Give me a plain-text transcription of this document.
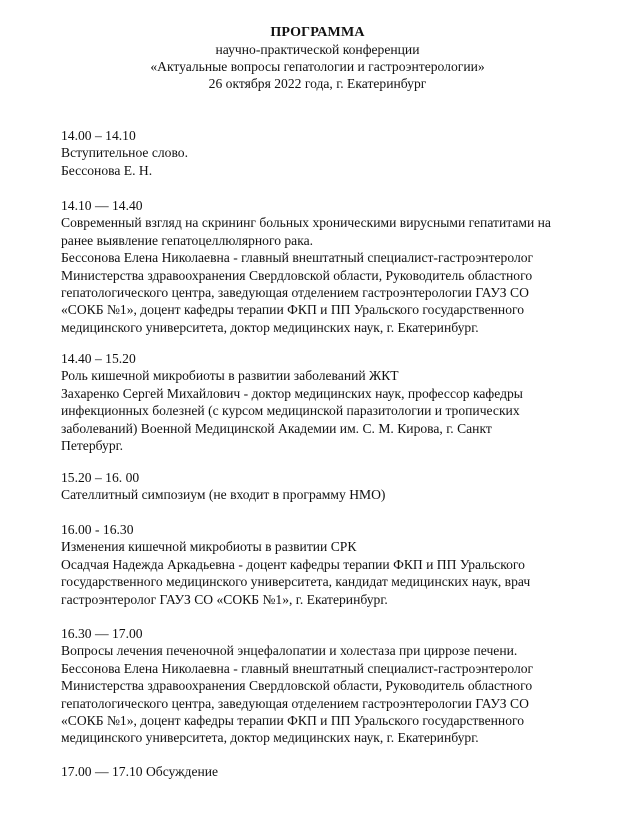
ПРОГРАММА
научно-практической конференции
«Актуальные вопросы гепатологии и гастроэнтерологии»
26 октября 2022 года, г. Екатеринбург
14.00 – 14.10
Вступительное слово.
Бессонова Е. Н.
14.10 — 14.40
Современный взгляд на скрининг больных хроническими вирусными гепатитами на
ранее выявление гепатоцеллюлярного рака.
Бессонова Елена Николаевна - главный внештатный специалист-гастроэнтеролог
Министерства здравоохранения Свердловской области, Руководитель областного
гепатологического центра, заведующая отделением гастроэнтерологии ГАУЗ СО
«СОКБ №1», доцент кафедры терапии ФКП и ПП Уральского государственного
медицинского университета, доктор медицинских наук, г. Екатеринбург.
14.40 – 15.20
Роль кишечной микробиоты в развитии заболеваний ЖКТ
Захаренко Сергей Михайлович - доктор медицинских наук, профессор кафедры
инфекционных болезней (с курсом медицинской паразитологии и тропических
заболеваний) Военной Медицинской Академии им. С. М. Кирова, г. Санкт
Петербург.
15.20 – 16. 00
Сателлитный симпозиум (не входит в программу НМО)
16.00 - 16.30
Изменения кишечной микробиоты в развитии СРК
Осадчая Надежда Аркадьевна - доцент кафедры терапии ФКП и ПП Уральского
государственного медицинского университета, кандидат медицинских наук, врач
гастроэнтеролог ГАУЗ СО «СОКБ №1», г. Екатеринбург.
16.30 — 17.00
Вопросы лечения печеночной энцефалопатии и холестаза при циррозе печени.
Бессонова Елена Николаевна - главный внештатный специалист-гастроэнтеролог
Министерства здравоохранения Свердловской области, Руководитель областного
гепатологического центра, заведующая отделением гастроэнтерологии ГАУЗ СО
«СОКБ №1», доцент кафедры терапии ФКП и ПП Уральского государственного
медицинского университета, доктор медицинских наук, г. Екатеринбург.
17.00 — 17.10 Обсуждение
